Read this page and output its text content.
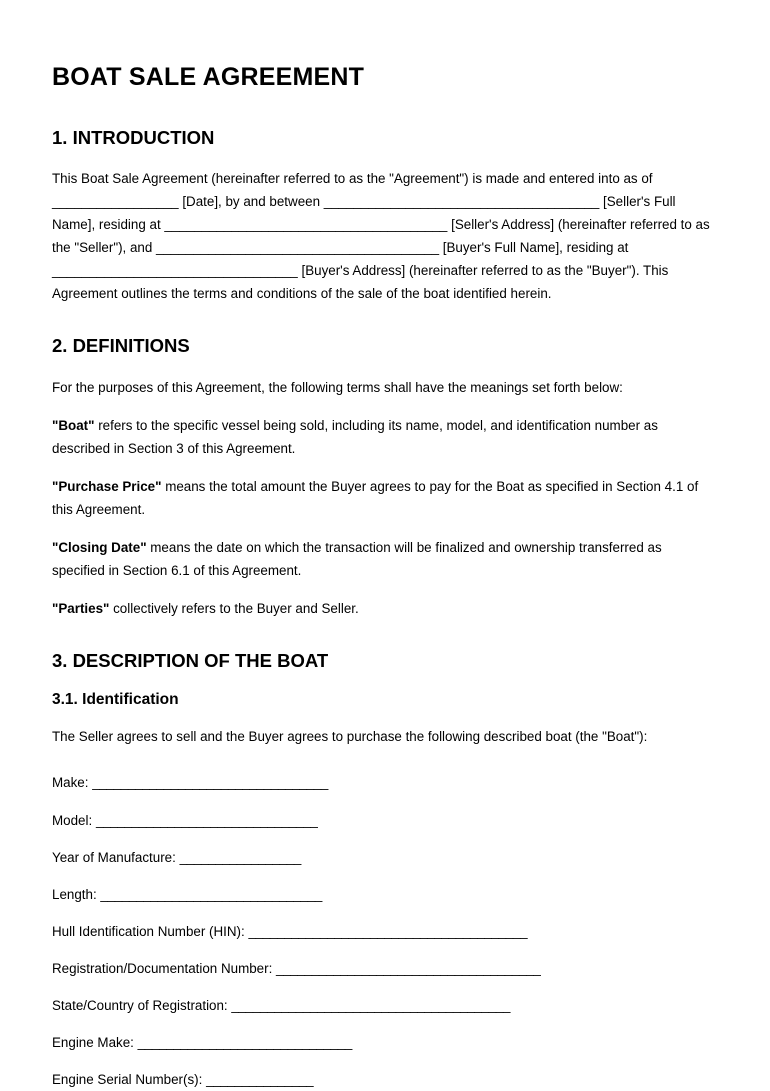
BOAT SALE AGREEMENT
1. INTRODUCTION

This Boat Sale Agreement (hereinafter referred to as the "Agreement") is made and entered into as of _________________ [Date], by and between _____________________________________ [Seller's Full Name], residing at ______________________________________ [Seller's Address] (hereinafter referred to as the "Seller"), and ______________________________________ [Buyer's Full Name], residing at _________________________________ [Buyer's Address] (hereinafter referred to as the "Buyer"). This Agreement outlines the terms and conditions of the sale of the boat identified herein.

2. DEFINITIONS

For the purposes of this Agreement, the following terms shall have the meanings set forth below:

"Boat" refers to the specific vessel being sold, including its name, model, and identification number as described in Section 3 of this Agreement.

"Purchase Price" means the total amount the Buyer agrees to pay for the Boat as specified in Section 4.1 of this Agreement.

"Closing Date" means the date on which the transaction will be finalized and ownership transferred as specified in Section 6.1 of this Agreement.

"Parties" collectively refers to the Buyer and Seller.

3. DESCRIPTION OF THE BOAT
3.1. Identification

The Seller agrees to sell and the Buyer agrees to purchase the following described boat (the "Boat"):

Make: _________________________________
Model: _______________________________
Year of Manufacture: _________________
Length: _______________________________
Hull Identification Number (HIN): _______________________________________
Registration/Documentation Number: _____________________________________
State/Country of Registration: _______________________________________
Engine Make: ______________________________
Engine Serial Number(s): _______________
